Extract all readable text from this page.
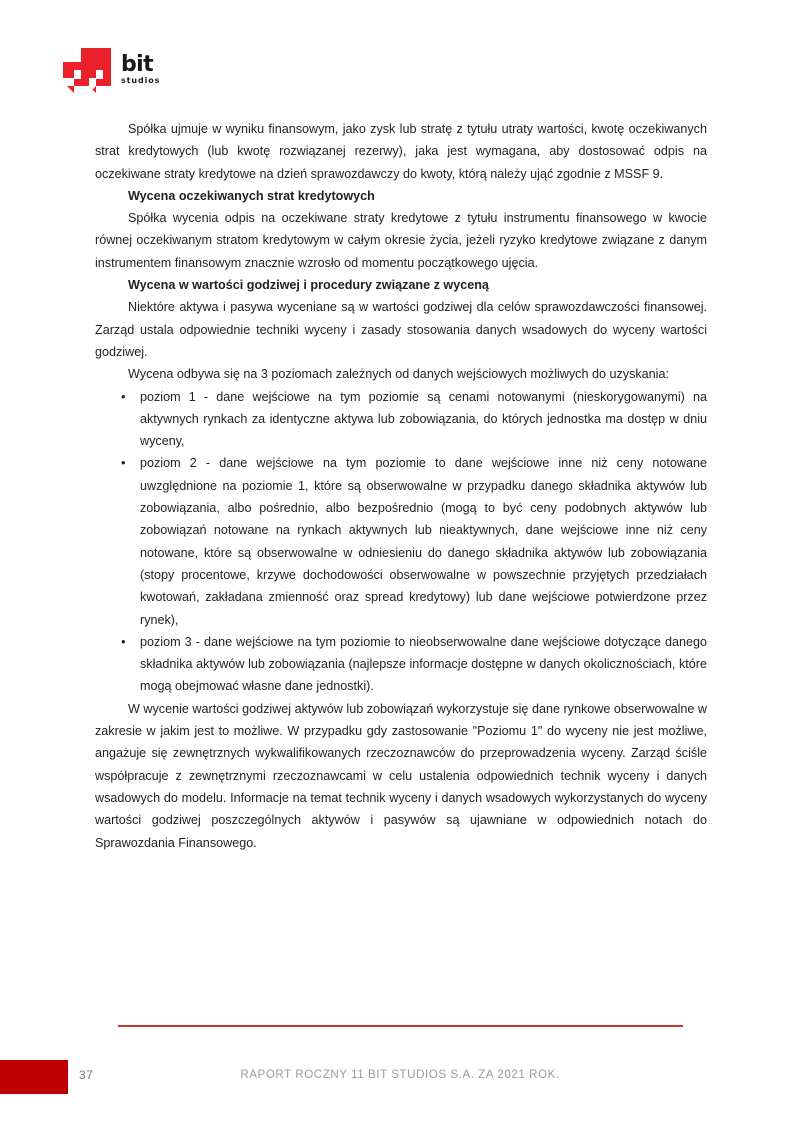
bit
studios

Spółka ujmuje w wyniku finansowym, jako zysk lub stratę z tytułu utraty wartości, kwotę oczekiwanych strat kredytowych (lub kwotę rozwiązanej rezerwy), jaka jest wymagana, aby dostosować odpis na oczekiwane straty kredytowe na dzień sprawozdawczy do kwoty, którą należy ująć zgodnie z MSSF 9.

Wycena oczekiwanych strat kredytowych

Spółka wycenia odpis na oczekiwane straty kredytowe z tytułu instrumentu finansowego w kwocie równej oczekiwanym stratom kredytowym w całym okresie życia, jeżeli ryzyko kredytowe związane z danym instrumentem finansowym znacznie wzrosło od momentu początkowego ujęcia.

Wycena w wartości godziwej i procedury związane z wyceną

Niektóre aktywa i pasywa wyceniane są w wartości godziwej dla celów sprawozdawczości finansowej. Zarząd ustala odpowiednie techniki wyceny i zasady stosowania danych wsadowych do wyceny wartości godziwej.

Wycena odbywa się na 3 poziomach zależnych od danych wejściowych możliwych do uzyskania:

•	poziom 1 - dane wejściowe na tym poziomie są cenami notowanymi (nieskorygowanymi) na aktywnych rynkach za identyczne aktywa lub zobowiązania, do których jednostka ma dostęp w dniu wyceny,
•	poziom 2 - dane wejściowe na tym poziomie to dane wejściowe inne niż ceny notowane uwzględnione na poziomie 1, które są obserwowalne w przypadku danego składnika aktywów lub zobowiązania, albo pośrednio, albo bezpośrednio (mogą to być ceny podobnych aktywów lub zobowiązań notowane na rynkach aktywnych lub nieaktywnych, dane wejściowe inne niż ceny notowane, które są obserwowalne w odniesieniu do danego składnika aktywów lub zobowiązania (stopy procentowe, krzywe dochodowości obserwowalne w powszechnie przyjętych przedziałach kwotowań, zakładana zmienność oraz spread kredytowy) lub dane wejściowe potwierdzone przez rynek),
•	poziom 3 - dane wejściowe na tym poziomie to nieobserwowalne dane wejściowe dotyczące danego składnika aktywów lub zobowiązania (najlepsze informacje dostępne w danych okolicznościach, które mogą obejmować własne dane jednostki).

W wycenie wartości godziwej aktywów lub zobowiązań wykorzystuje się dane rynkowe obserwowalne w zakresie w jakim jest to możliwe. W przypadku gdy zastosowanie "Poziomu 1" do wyceny nie jest możliwe, angażuje się zewnętrznych wykwalifikowanych rzeczoznawców do przeprowadzenia wyceny. Zarząd ściśle współpracuje z zewnętrznymi rzeczoznawcami w celu ustalenia odpowiednich technik wyceny i danych wsadowych do modelu. Informacje na temat technik wyceny i danych wsadowych wykorzystanych do wyceny wartości godziwej poszczególnych aktywów i pasywów są ujawniane w odpowiednich notach do Sprawozdania Finansowego.

37	RAPORT ROCZNY 11 BIT STUDIOS S.A. ZA 2021 ROK.
